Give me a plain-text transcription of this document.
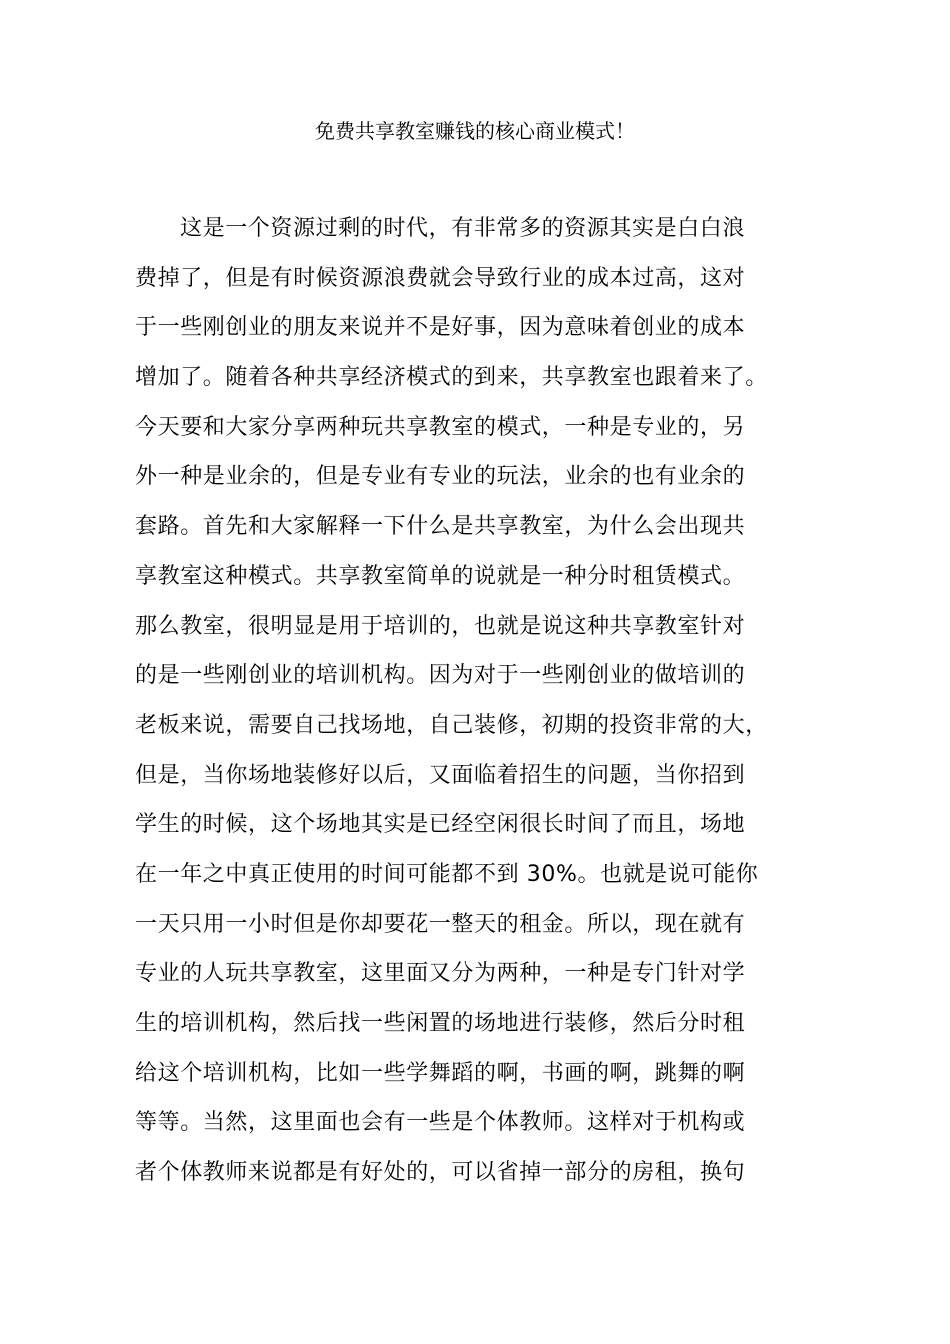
免费共享教室赚钱的核心商业模式！
这是一个资源过剩的时代，有非常多的资源其实是白白浪
费掉了，但是有时候资源浪费就会导致行业的成本过高，这对
于一些刚创业的朋友来说并不是好事，因为意味着创业的成本
增加了。随着各种共享经济模式的到来，共享教室也跟着来了。
今天要和大家分享两种玩共享教室的模式，一种是专业的，另
外一种是业余的，但是专业有专业的玩法，业余的也有业余的
套路。首先和大家解释一下什么是共享教室，为什么会出现共
享教室这种模式。共享教室简单的说就是一种分时租赁模式。
那么教室，很明显是用于培训的，也就是说这种共享教室针对
的是一些刚创业的培训机构。因为对于一些刚创业的做培训的
老板来说，需要自己找场地，自己装修，初期的投资非常的大，
但是，当你场地装修好以后，又面临着招生的问题，当你招到
学生的时候，这个场地其实是已经空闲很长时间了而且，场地
在一年之中真正使用的时间可能都不到 30%。也就是说可能你
一天只用一小时但是你却要花一整天的租金。所以，现在就有
专业的人玩共享教室，这里面又分为两种，一种是专门针对学
生的培训机构，然后找一些闲置的场地进行装修，然后分时租
给这个培训机构，比如一些学舞蹈的啊，书画的啊，跳舞的啊
等等。当然，这里面也会有一些是个体教师。这样对于机构或
者个体教师来说都是有好处的，可以省掉一部分的房租，换句
